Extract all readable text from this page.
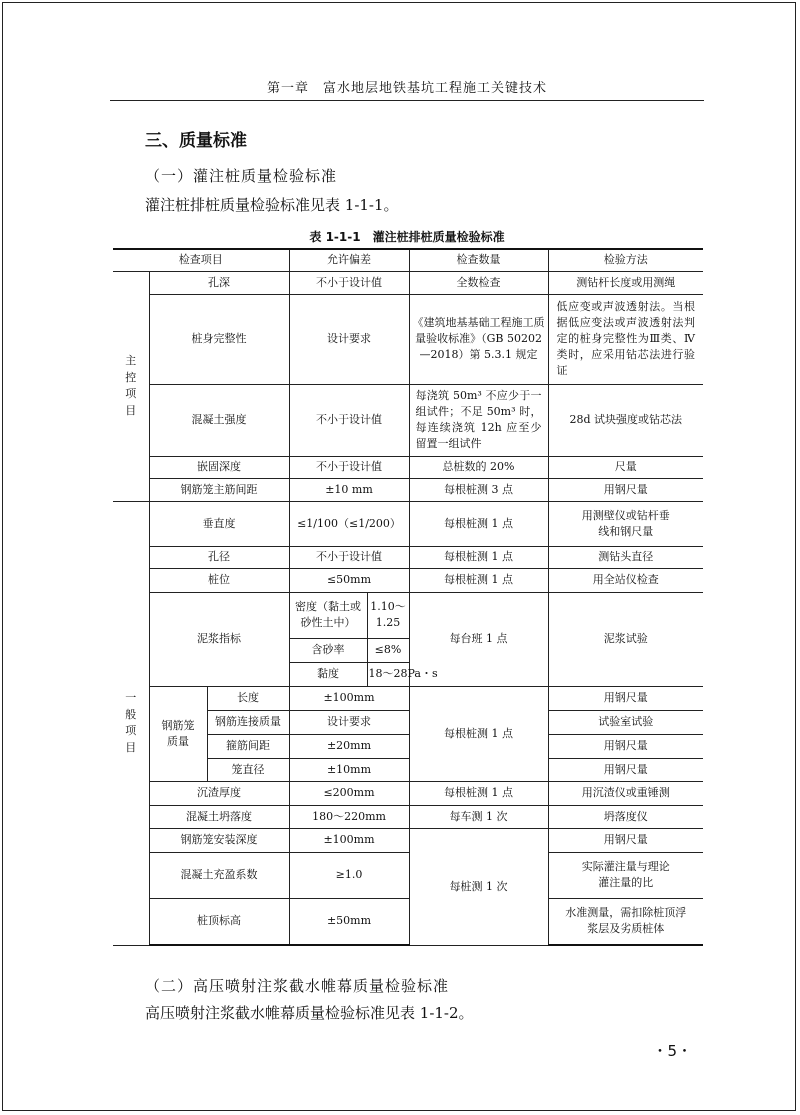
第一章　富水地层地铁基坑工程施工关键技术
三、质量标准
（一）灌注桩质量检验标准
灌注桩排桩质量检验标准见表 1-1-1。
表 1-1-1　灌注桩排桩质量检验标准
检查项目			允许偏差		检查数量	检验方法

主控项目	孔深		不小于设计值		全数检查	测钻杆长度或用测绳
	桩身完整性		设计要求		《建筑地基基础工程施工质量验收标准》（GB 50202—2018）第 5.3.1 规定	低应变或声波透射法。当根据低应变法或声波透射法判定的桩身完整性为Ⅲ类、Ⅳ类时，应采用钻芯法进行验证
	混凝土强度		不小于设计值		每浇筑 50m³ 不应少于一组试件；不足 50m³ 时，每连续浇筑 12h 应至少留置一组试件	28d 试块强度或钻芯法
	嵌固深度		不小于设计值		总桩数的 20%	尺量
	钢筋笼主筋间距		±10 mm		每根桩测 3 点	用钢尺量

一般项目	垂直度		≤1/100（≤1/200）		每根桩测 1 点	用测壁仪或钻杆垂线和钢尺量
	孔径		不小于设计值		每根桩测 1 点	测钻头直径
	桩位		≤50mm		每根桩测 1 点	用全站仪检查
	泥浆指标		密度（黏土或砂性土中）	1.10～1.25	每台班 1 点	泥浆试验
			含砂率	≤8%		
			黏度	18～28Pa・s		

	钢筋笼质量	长度	±100mm		每根桩测 1 点	用钢尺量
		钢筋连接质量	设计要求			试验室试验
		箍筋间距	±20mm			用钢尺量
		笼直径	±10mm			用钢尺量
	沉渣厚度		≤200mm		每根桩测 1 点	用沉渣仪或重锤测
	混凝土坍落度		180～220mm		每车测 1 次	坍落度仪
	钢筋笼安装深度		±100mm		每桩测 1 次	用钢尺量
	混凝土充盈系数		≥1.0			实际灌注量与理论灌注量的比
	桩顶标高		±50mm			水准测量，需扣除桩顶浮浆层及劣质桩体
（二）高压喷射注浆截水帷幕质量检验标准
高压喷射注浆截水帷幕质量检验标准见表 1-1-2。
・5・
